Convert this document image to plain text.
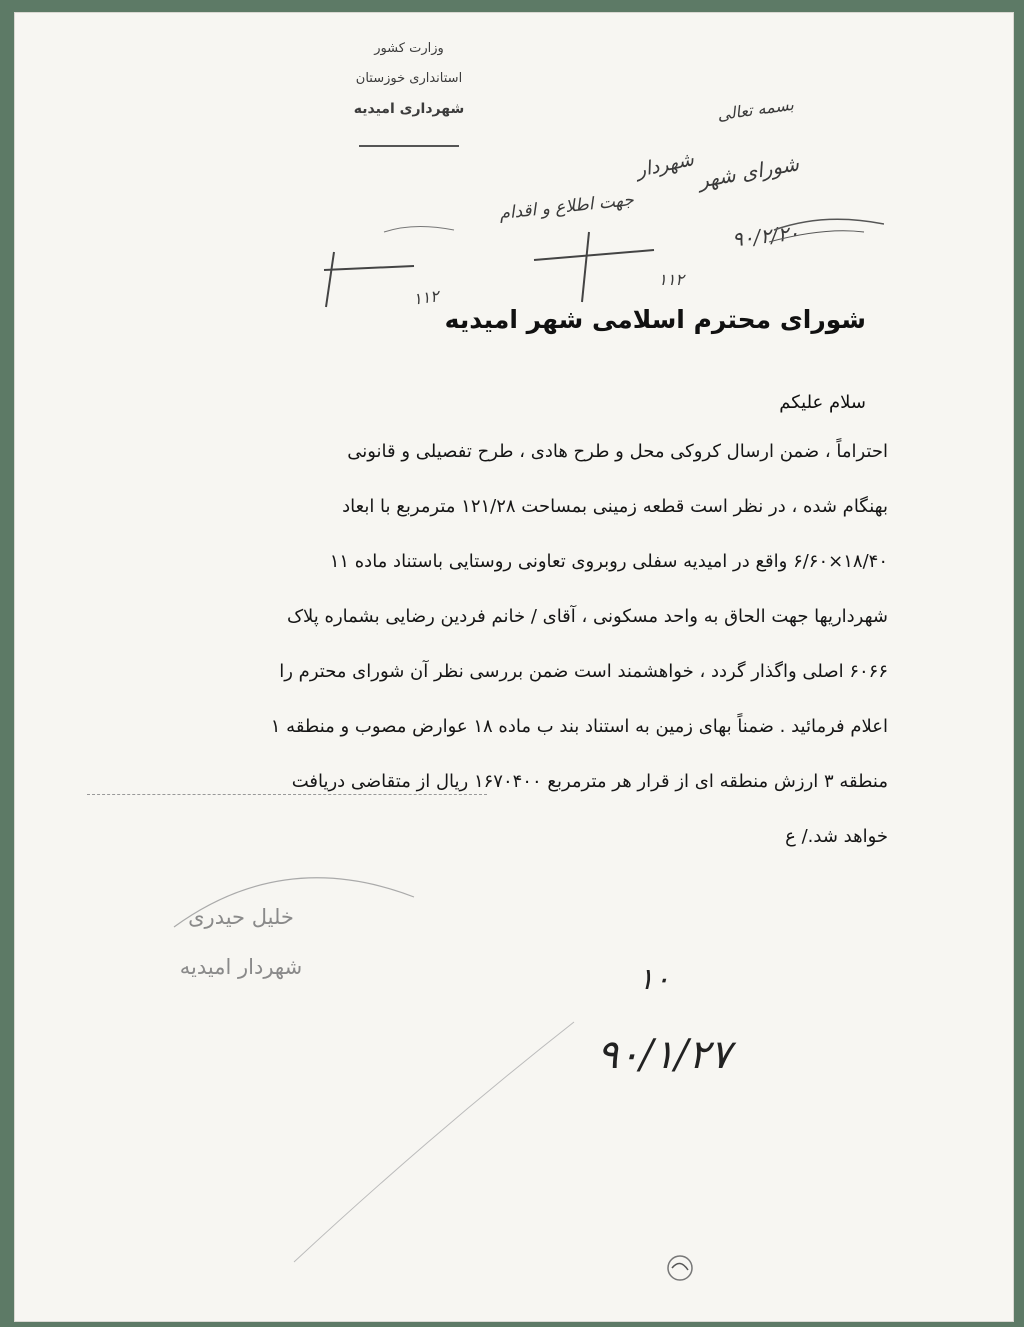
وزارت کشور
استانداری خوزستان
شهرداری امیدیه	بسمه تعالی
شورای شهر
۹۰/۲/۲۰
شهردار
جهت اطلاع و اقدام
۱۱۲
۱۱۲
شورای محترم اسلامی شهر امیدیه
سلام علیکم
احتراماً ، ضمن ارسال کروکی محل و طرح هادی ، طرح تفصیلی و قانونی
بهنگام شده ، در نظر است قطعه زمینی بمساحت ۱۲۱/۲۸ مترمربع با ابعاد
۱۸/۴۰×۶/۶۰ واقع در امیدیه سفلی روبروی تعاونی روستایی باستناد ماده ۱۱
شهرداریها جهت الحاق به واحد مسکونی ، آقای / خانم فردین رضایی بشماره پلاک
۶۰۶۶ اصلی واگذار گردد ، خواهشمند است ضمن بررسی نظر آن شورای محترم را
اعلام فرمائید . ضمناً بهای زمین به استناد بند ب ماده ۱۸ عوارض مصوب و منطقه ۱
منطقه ۳ ارزش منطقه ای از قرار هر مترمربع ۱۶۷۰۴۰۰ ریال از متقاضی دریافت
خواهد شد./ ع
خلیل حیدری
شهردار امیدیه	۱۰
۹۰/۱/۲۷
